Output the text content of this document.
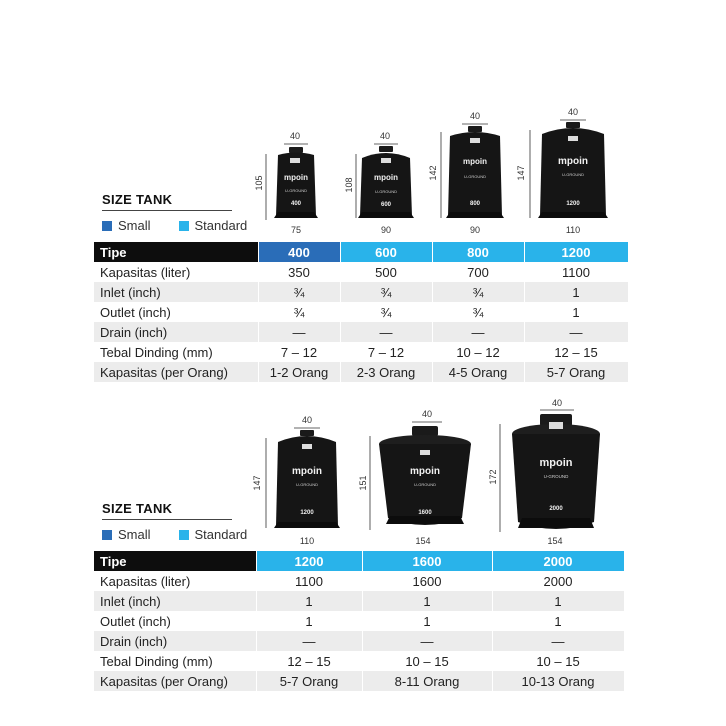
40
mpoin
U-GROUND
400
105
75
40
mpoin
U-GROUND
600
108
90
40
mpoin
U-GROUND
800
142
90
40
mpoin
U-GROUND
1200
147
110
SIZE TANK
Small	Standard
Tipe	400	600	800	1200
Kapasitas (liter)	350	500	700	1100
Inlet (inch)	¾	¾	¾	1
Outlet (inch)	¾	¾	¾	1
Drain (inch)	—	—	—	—
Tebal Dinding (mm)	7 – 12	7 – 12	10 – 12	12 – 15
Kapasitas (per Orang)	1-2 Orang	2-3 Orang	4-5 Orang	5-7 Orang
40
mpoin
U-GROUND
1200
147
110
40
mpoin
U-GROUND
1600
151
154
40
mpoin
U-GROUND
2000
172
154
SIZE TANK
Small	Standard
Tipe	1200	1600	2000
Kapasitas (liter)	1100	1600	2000
Inlet (inch)	1	1	1
Outlet (inch)	1	1	1
Drain (inch)	—	—	—
Tebal Dinding (mm)	12 – 15	10 – 15	10 – 15
Kapasitas (per Orang)	5-7 Orang	8-11 Orang	10-13 Orang
